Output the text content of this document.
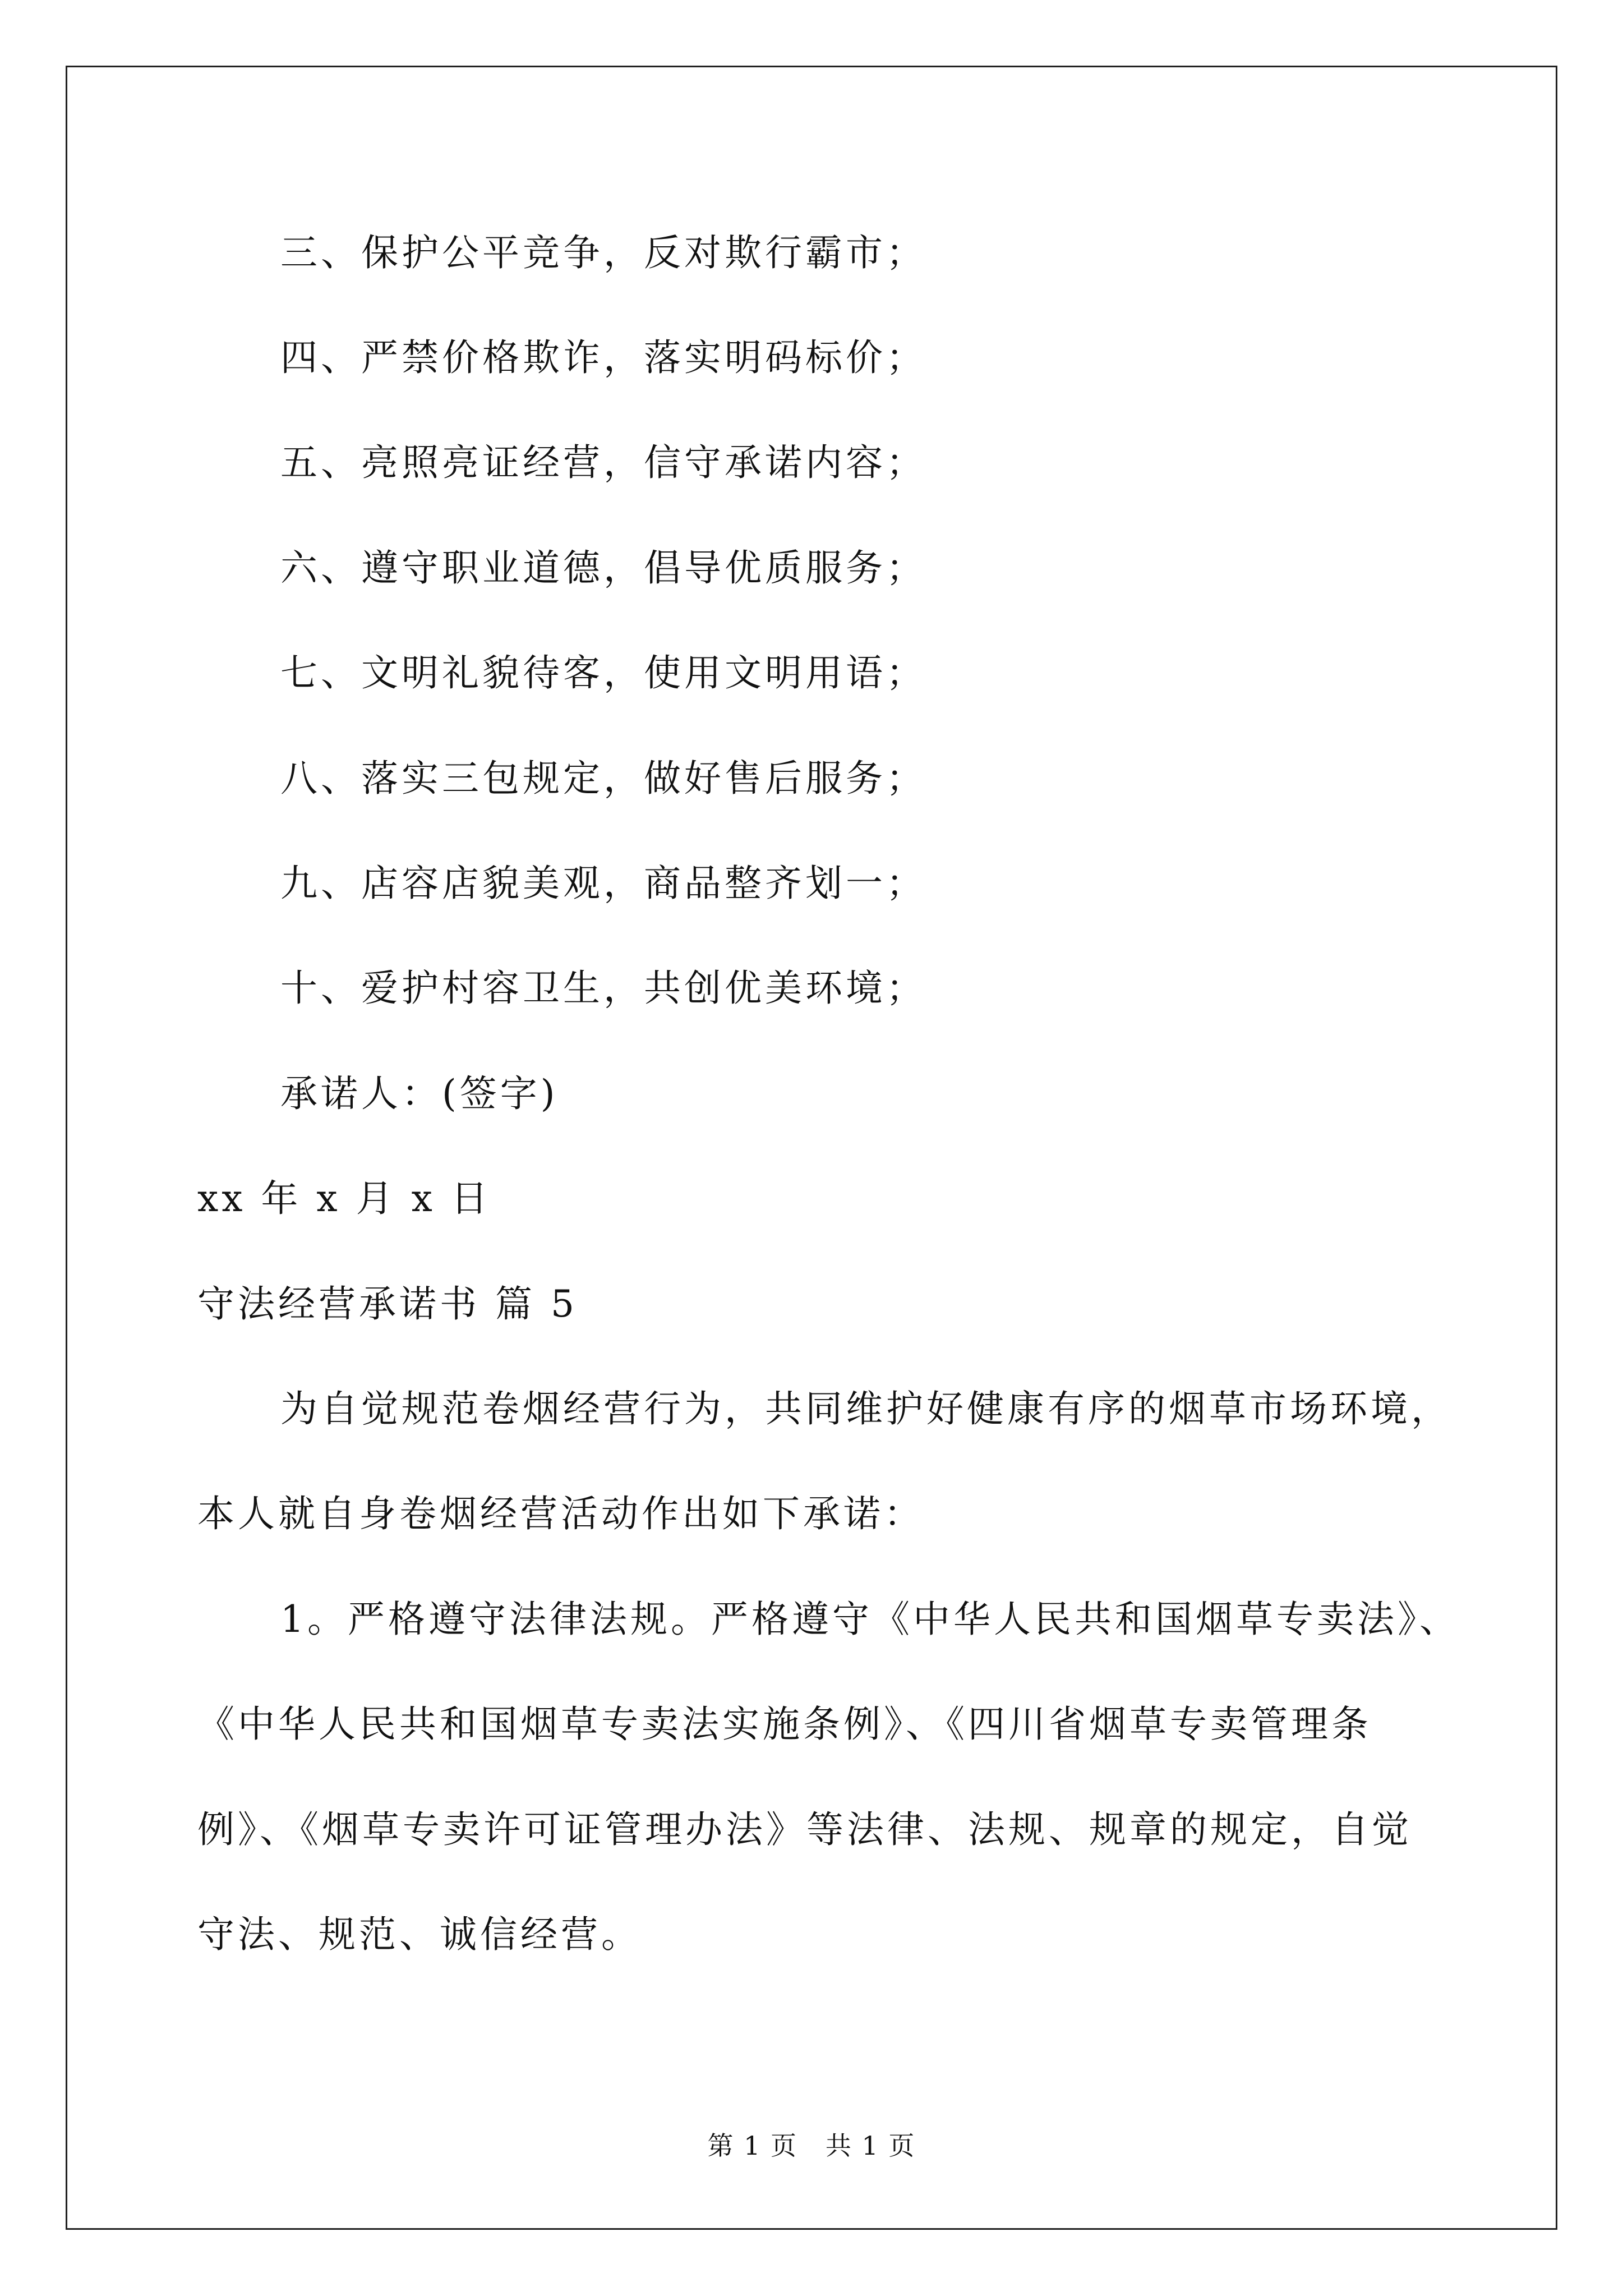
三、保护公平竞争，反对欺行霸市；
四、严禁价格欺诈，落实明码标价；
五、亮照亮证经营，信守承诺内容；
六、遵守职业道德，倡导优质服务；
七、文明礼貌待客，使用文明用语；
八、落实三包规定，做好售后服务；
九、店容店貌美观，商品整齐划一；
十、爱护村容卫生，共创优美环境；
承诺人：(签字)
xx 年 x 月 x 日
守法经营承诺书 篇 5
为自觉规范卷烟经营行为，共同维护好健康有序的烟草市场环境，
本人就自身卷烟经营活动作出如下承诺：
1。严格遵守法律法规。严格遵守《中华人民共和国烟草专卖法》、
《中华人民共和国烟草专卖法实施条例》、《四川省烟草专卖管理条
例》、《烟草专卖许可证管理办法》等法律、法规、规章的规定，自觉
守法、规范、诚信经营。
第 1 页   共 1 页
